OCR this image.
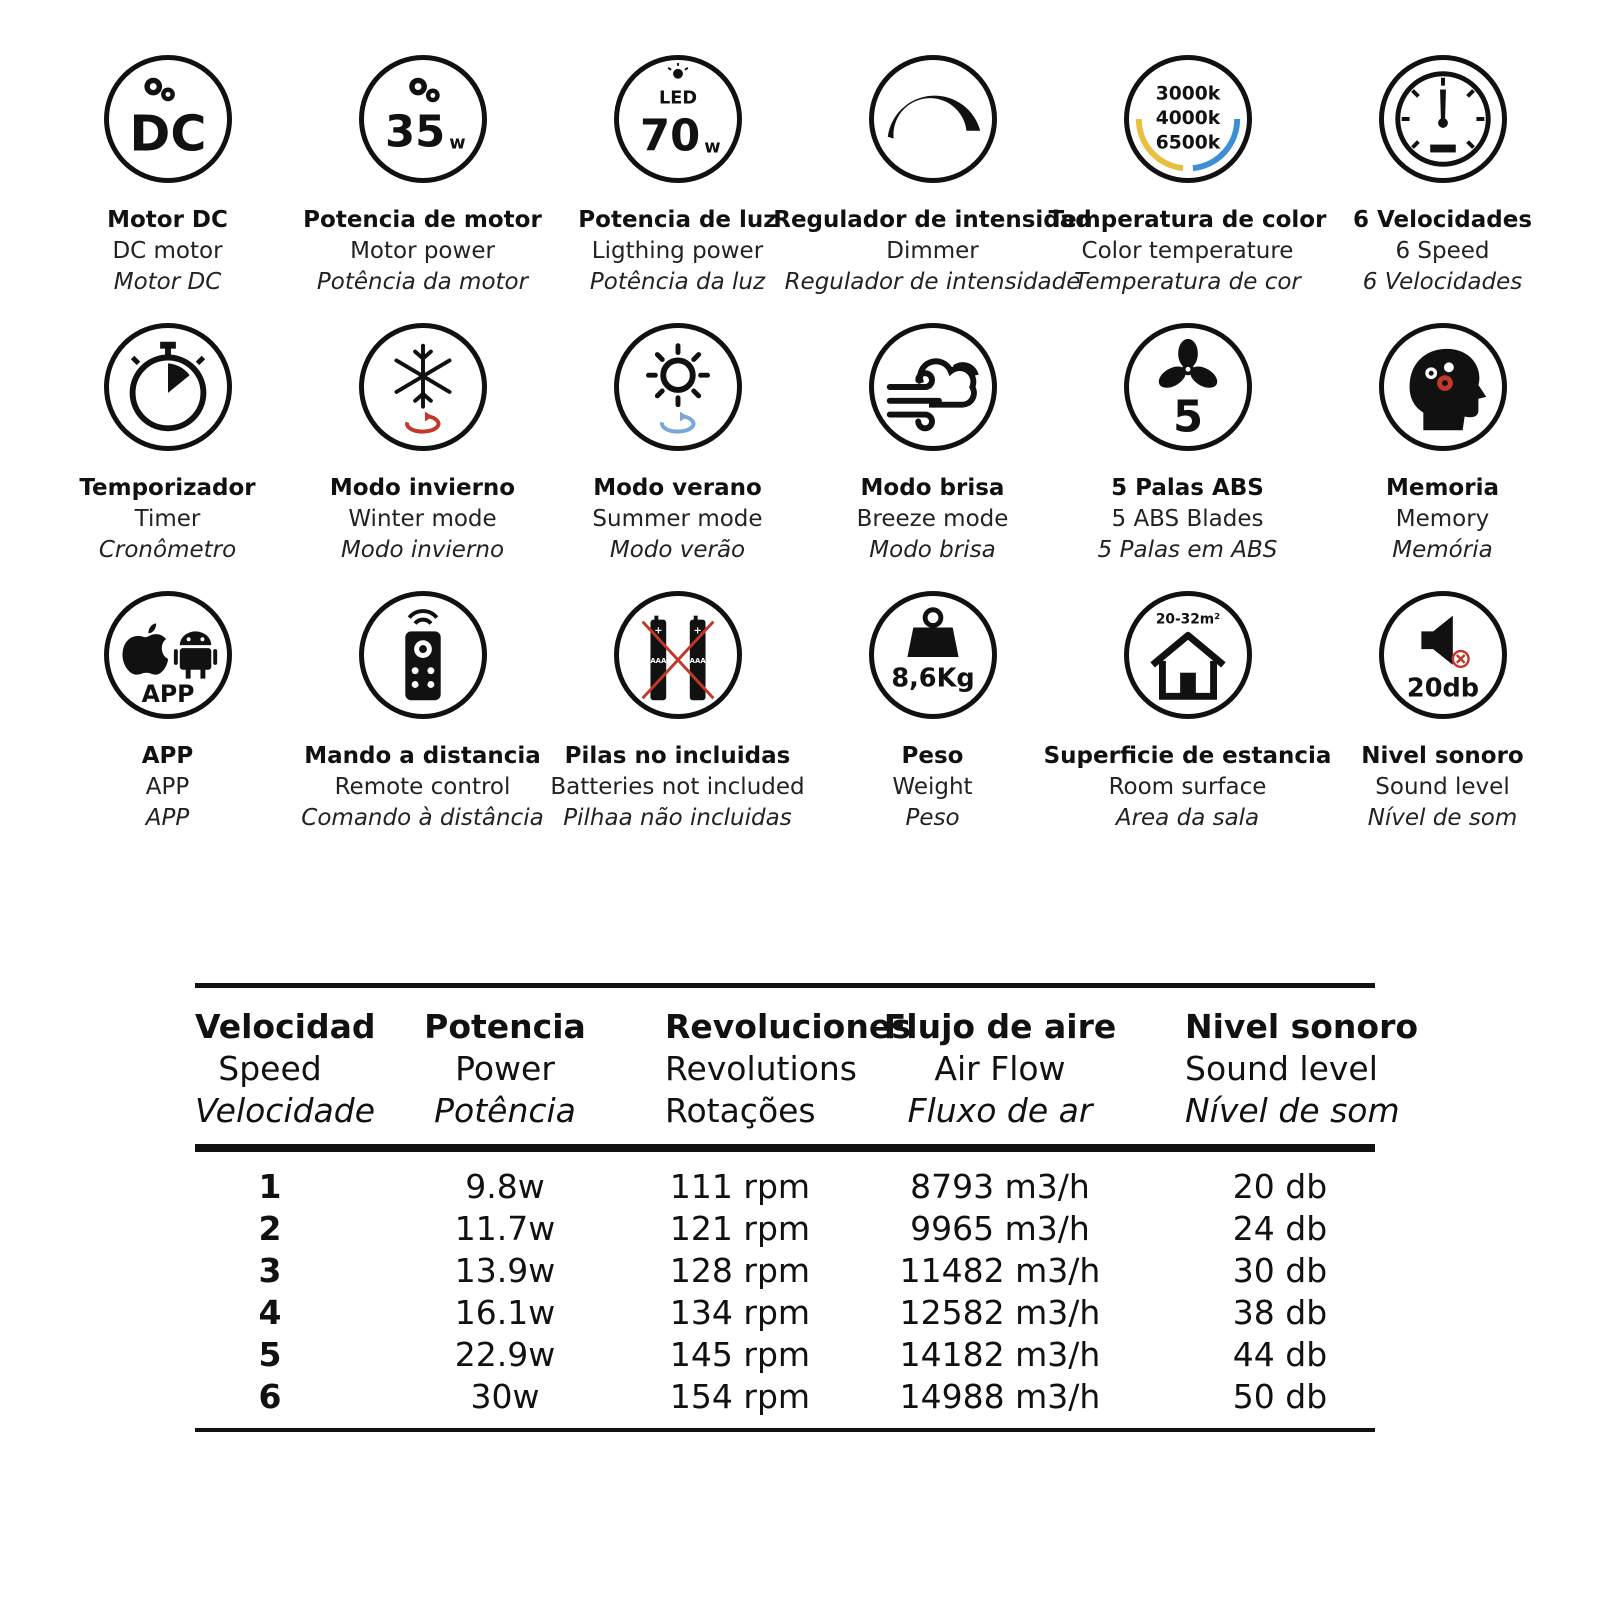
DC
Motor DC
DC motor
Motor DC
35 w
Potencia de motor
Motor power
Potência da motor
LED
70 w
Potencia de luz
Ligthing power
Potência da luz
Regulador de intensidad
Dimmer
Regulador de intensidade
3000k
4000k
6500k
Temperatura de color
Color temperature
Temperatura de cor
6 Velocidades
6 Speed
6 Velocidades
Temporizador
Timer
Cronômetro
Modo invierno
Winter mode
Modo invierno
Modo verano
Summer mode
Modo verão
Modo brisa
Breeze mode
Modo brisa
5
5 Palas ABS
5 ABS Blades
5 Palas em ABS
Memoria
Memory
Memória
APP
APP
APP
APP
Mando a distancia
Remote control
Comando à distância
AAA	AAA
+	+
Pilas no incluidas
Batteries not included
Pilhaa não incluidas
8,6Kg
Peso
Weight
Peso
20-32m²
Superficie de estancia
Room surface
Area da sala
20db
Nivel sonoro
Sound level
Nível de som
Velocidad
Speed
Velocidade
Potencia
Power
Potência
Revoluciones
Revolutions
Rotações
Flujo de aire
Air Flow
Fluxo de ar
Nivel sonoro
Sound level
Nível de som
1	9.8w	111 rpm	8793 m3/h	20 db
2	11.7w	121 rpm	9965 m3/h	24 db
3	13.9w	128 rpm	11482 m3/h	30 db
4	16.1w	134 rpm	12582 m3/h	38 db
5	22.9w	145 rpm	14182 m3/h	44 db
6	30w	154 rpm	14988 m3/h	50 db
